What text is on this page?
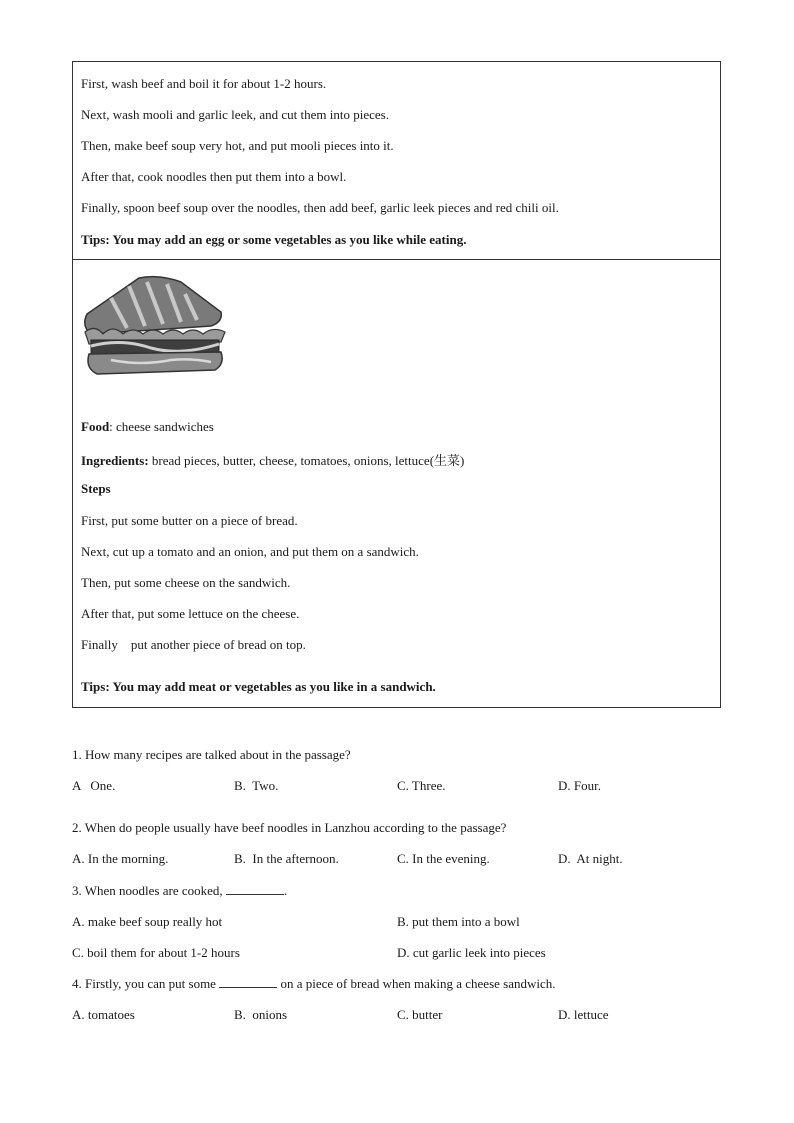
First, wash beef and boil it for about 1-2 hours.
Next, wash mooli and garlic leek, and cut them into pieces.
Then, make beef soup very hot, and put mooli pieces into it.
After that, cook noodles then put them into a bowl.
Finally, spoon beef soup over the noodles, then add beef, garlic leek pieces and red chili oil.
Tips: You may add an egg or some vegetables as you like while eating.
Food: cheese sandwiches
Ingredients: bread pieces, butter, cheese, tomatoes, onions, lettuce(生菜)
Steps
First, put some butter on a piece of bread.
Next, cut up a tomato and an onion, and put them on a sandwich.
Then, put some cheese on the sandwich.
After that, put some lettuce on the cheese.
Finally    put another piece of bread on top.
Tips: You may add meat or vegetables as you like in a sandwich.
1. How many recipes are talked about in the passage?
A   One.	B.  Two.	C. Three.	D. Four.
2. When do people usually have beef noodles in Lanzhou according to the passage?
A. In the morning.	B.  In the afternoon.	C. In the evening.	D.  At night.
3. When noodles are cooked,	.
A. make beef soup really hot	B. put them into a bowl
C. boil them for about 1-2 hours	D. cut garlic leek into pieces
4. Firstly, you can put some	on a piece of bread when making a cheese sandwich.
A. tomatoes	B.  onions	C. butter	D. lettuce
